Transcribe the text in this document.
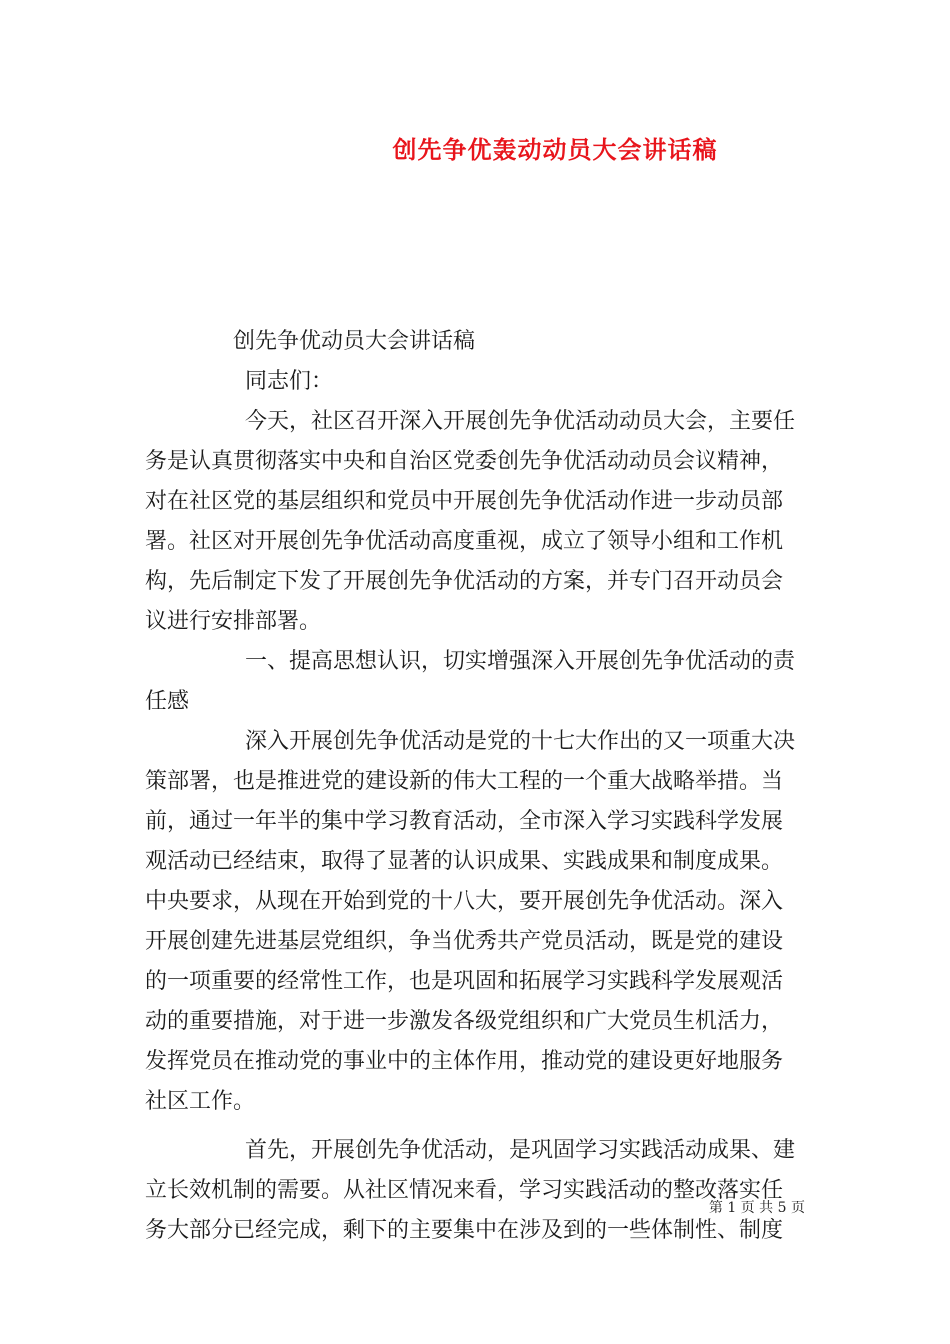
创先争优轰动动员大会讲话稿

创先争优动员大会讲话稿

同志们：

今天，社区召开深入开展创先争优活动动员大会，主要任

务是认真贯彻落实中央和自治区党委创先争优活动动员会议精神，

对在社区党的基层组织和党员中开展创先争优活动作进一步动员部

署。社区对开展创先争优活动高度重视，成立了领导小组和工作机

构，先后制定下发了开展创先争优活动的方案，并专门召开动员会

议进行安排部署。

一、提高思想认识，切实增强深入开展创先争优活动的责

任感

深入开展创先争优活动是党的十七大作出的又一项重大决

策部署，也是推进党的建设新的伟大工程的一个重大战略举措。当

前，通过一年半的集中学习教育活动，全市深入学习实践科学发展

观活动已经结束，取得了显著的认识成果、实践成果和制度成果。

中央要求，从现在开始到党的十八大，要开展创先争优活动。深入

开展创建先进基层党组织，争当优秀共产党员活动，既是党的建设

的一项重要的经常性工作，也是巩固和拓展学习实践科学发展观活

动的重要措施，对于进一步激发各级党组织和广大党员生机活力，

发挥党员在推动党的事业中的主体作用，推动党的建设更好地服务

社区工作。

首先，开展创先争优活动，是巩固学习实践活动成果、建

立长效机制的需要。从社区情况来看，学习实践活动的整改落实任

务大部分已经完成，剩下的主要集中在涉及到的一些体制性、制度

第 1 页 共 5 页
